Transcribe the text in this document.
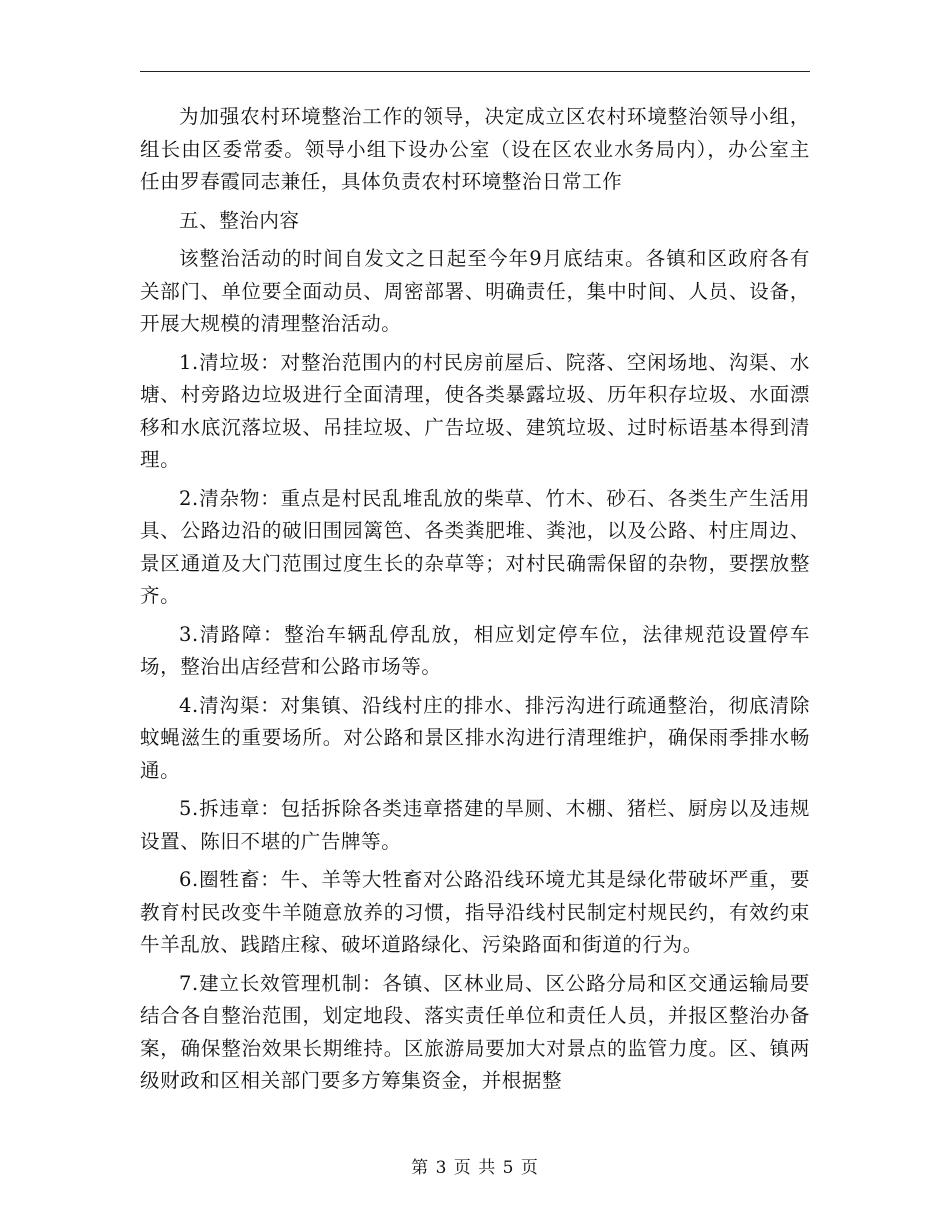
为加强农村环境整治工作的领导，决定成立区农村环境整治领导小组，组长由区委常委。领导小组下设办公室（设在区农业水务局内），办公室主任由罗春霞同志兼任，具体负责农村环境整治日常工作

五、整治内容

该整治活动的时间自发文之日起至今年9月底结束。各镇和区政府各有关部门、单位要全面动员、周密部署、明确责任，集中时间、人员、设备，开展大规模的清理整治活动。

1.清垃圾：对整治范围内的村民房前屋后、院落、空闲场地、沟渠、水塘、村旁路边垃圾进行全面清理，使各类暴露垃圾、历年积存垃圾、水面漂移和水底沉落垃圾、吊挂垃圾、广告垃圾、建筑垃圾、过时标语基本得到清理。

2.清杂物：重点是村民乱堆乱放的柴草、竹木、砂石、各类生产生活用具、公路边沿的破旧围园篱笆、各类粪肥堆、粪池，以及公路、村庄周边、景区通道及大门范围过度生长的杂草等；对村民确需保留的杂物，要摆放整齐。

3.清路障：整治车辆乱停乱放，相应划定停车位，法律规范设置停车场，整治出店经营和公路市场等。

4.清沟渠：对集镇、沿线村庄的排水、排污沟进行疏通整治，彻底清除蚊蝇滋生的重要场所。对公路和景区排水沟进行清理维护，确保雨季排水畅通。

5.拆违章：包括拆除各类违章搭建的旱厕、木棚、猪栏、厨房以及违规设置、陈旧不堪的广告牌等。

6.圈牲畜：牛、羊等大牲畜对公路沿线环境尤其是绿化带破坏严重，要教育村民改变牛羊随意放养的习惯，指导沿线村民制定村规民约，有效约束牛羊乱放、践踏庄稼、破坏道路绿化、污染路面和街道的行为。

7.建立长效管理机制：各镇、区林业局、区公路分局和区交通运输局要结合各自整治范围，划定地段、落实责任单位和责任人员，并报区整治办备案，确保整治效果长期维持。区旅游局要加大对景点的监管力度。区、镇两级财政和区相关部门要多方筹集资金，并根据整

第 3 页 共 5 页
